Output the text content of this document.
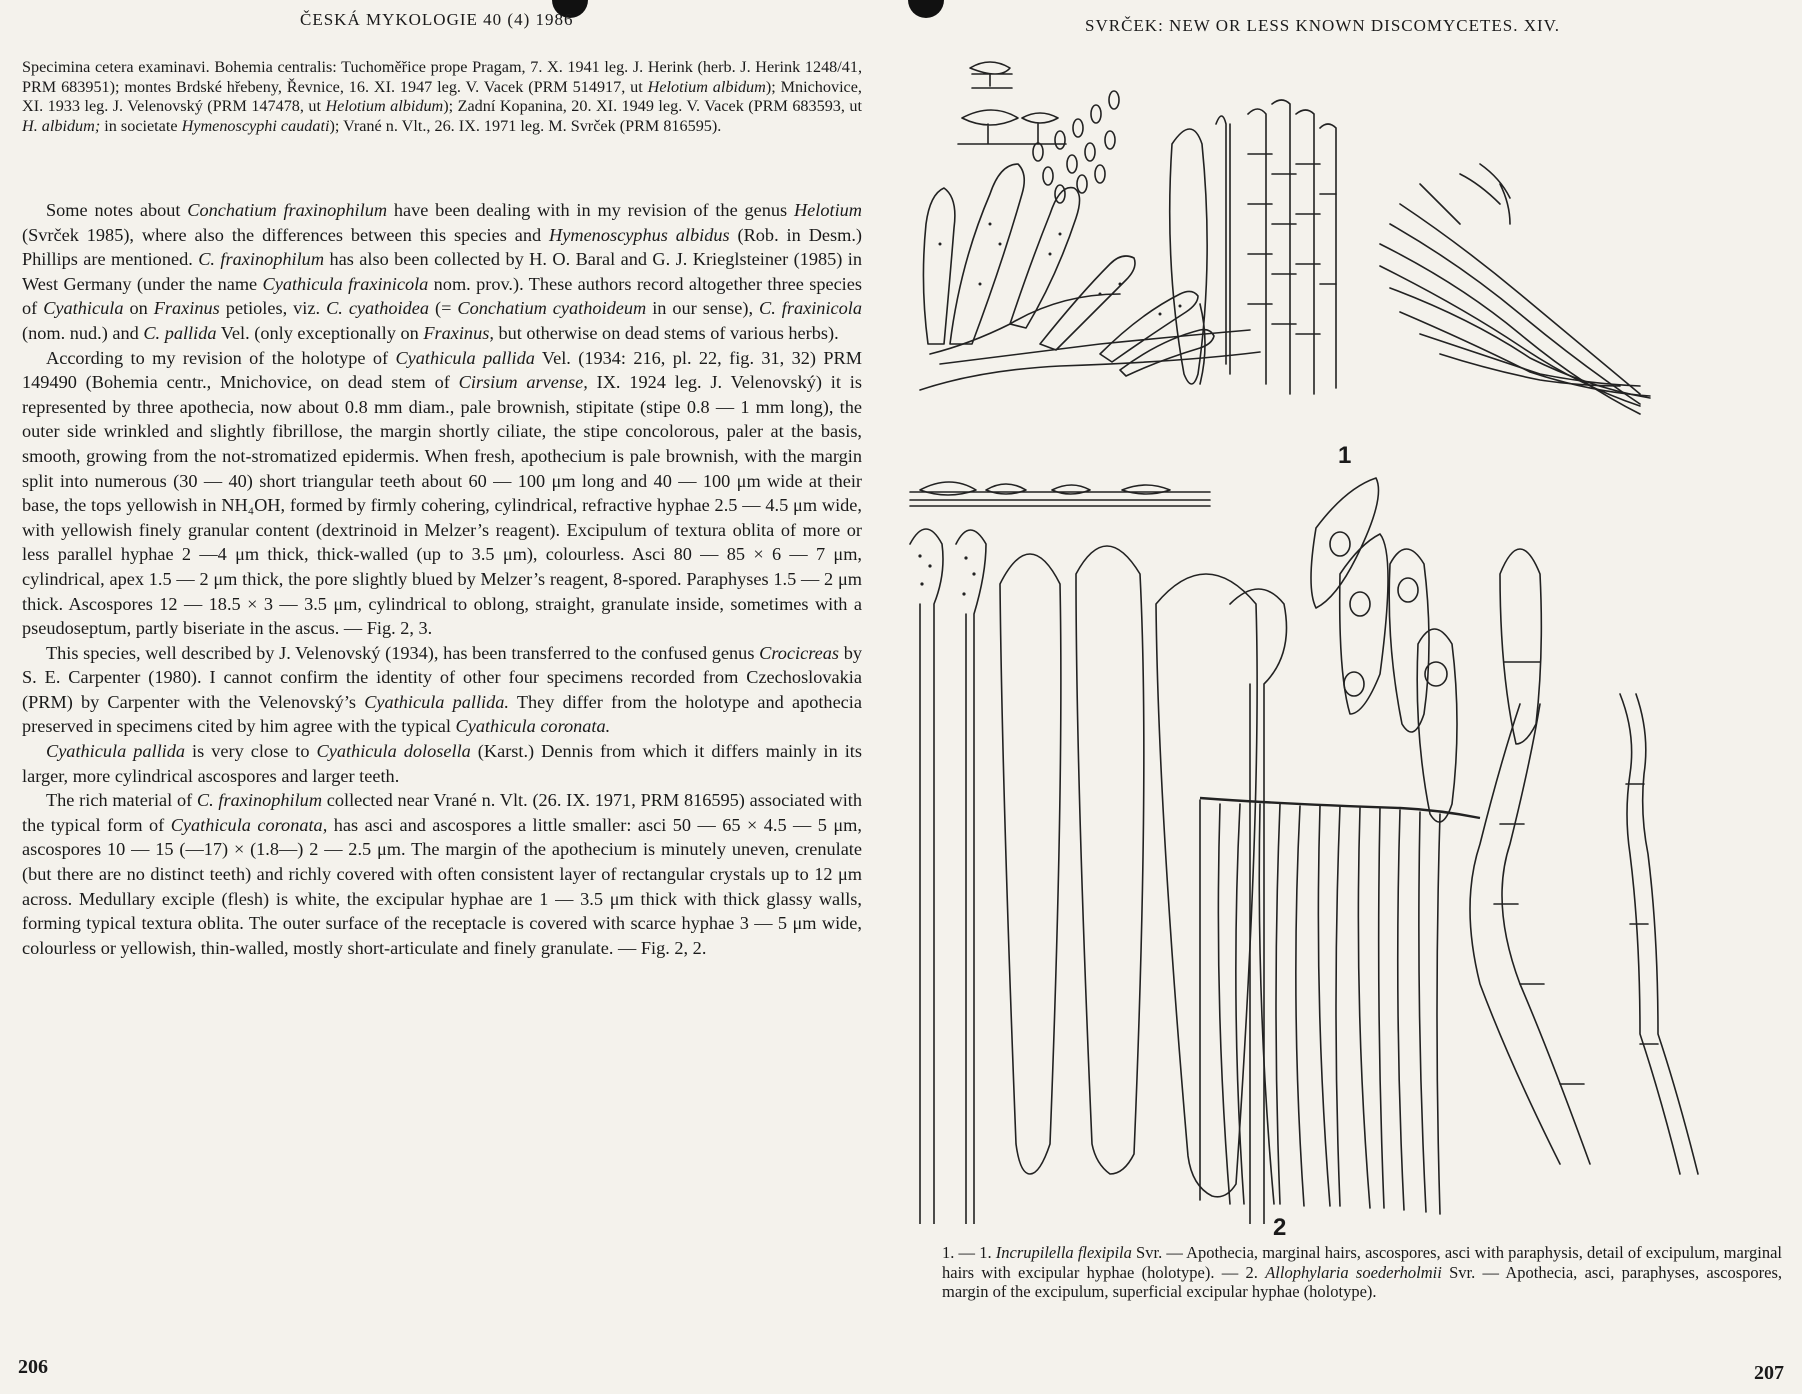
ČESKÁ MYKOLOGIE 40 (4) 1986
Specimina cetera examinavi. Bohemia centralis: Tuchoměřice prope Pragam, 7. X. 1941 leg. J. Herink (herb. J. Herink 1248/41, PRM 683951); montes Brdské hřebeny, Řevnice, 16. XI. 1947 leg. V. Vacek (PRM 514917, ut Helotium albidum); Mnichovice, XI. 1933 leg. J. Velenovský (PRM 147478, ut Helotium albidum); Zadní Kopanina, 20. XI. 1949 leg. V. Vacek (PRM 683593, ut H. albidum; in societate Hymenoscyphi caudati); Vrané n. Vlt., 26. IX. 1971 leg. M. Svrček (PRM 816595).

Some notes about Conchatium fraxinophilum have been dealing with in my revision of the genus Helotium (Svrček 1985), where also the differences between this species and Hymenoscyphus albidus (Rob. in Desm.) Phillips are mentioned. C. fraxinophilum has also been collected by H. O. Baral and G. J. Krieglsteiner (1985) in West Germany (under the name Cyathicula fraxinicola nom. prov.). These authors record altogether three species of Cyathicula on Fraxinus petioles, viz. C. cyathoidea (= Conchatium cyathoideum in our sense), C. fraxinicola (nom. nud.) and C. pallida Vel. (only exceptionally on Fraxinus, but otherwise on dead stems of various herbs).

According to my revision of the holotype of Cyathicula pallida Vel. (1934: 216, pl. 22, fig. 31, 32) PRM 149490 (Bohemia centr., Mnichovice, on dead stem of Cirsium arvense, IX. 1924 leg. J. Velenovský) it is represented by three apothecia, now about 0.8 mm diam., pale brownish, stipitate (stipe 0.8 — 1 mm long), the outer side wrinkled and slightly fibrillose, the margin shortly ciliate, the stipe concolorous, paler at the basis, smooth, growing from the not-stromatized epidermis. When fresh, apothecium is pale brownish, with the margin split into numerous (30 — 40) short triangular teeth about 60 — 100 μm long and 40 — 100 μm wide at their base, the tops yellowish in NH₄OH, formed by firmly cohering, cylindrical, refractive hyphae 2.5 — 4.5 μm wide, with yellowish finely granular content (dextrinoid in Melzer’s reagent). Excipulum of textura oblita of more or less parallel hyphae 2 —4 μm thick, thick-walled (up to 3.5 μm), colourless. Asci 80 — 85 × 6 — 7 μm, cylindrical, apex 1.5 — 2 μm thick, the pore slightly blued by Melzer’s reagent, 8-spored. Paraphyses 1.5 — 2 μm thick. Ascospores 12 — 18.5 × 3 — 3.5 μm, cylindrical to oblong, straight, granulate inside, sometimes with a pseudoseptum, partly biseriate in the ascus. — Fig. 2, 3.

This species, well described by J. Velenovský (1934), has been transferred to the confused genus Crocicreas by S. E. Carpenter (1980). I cannot confirm the identity of other four specimens recorded from Czechoslovakia (PRM) by Carpenter with the Velenovský’s Cyathicula pallida. They differ from the holotype and apothecia preserved in specimens cited by him agree with the typical Cyathicula coronata.

Cyathicula pallida is very close to Cyathicula dolosella (Karst.) Dennis from which it differs mainly in its larger, more cylindrical ascospores and larger teeth.

The rich material of C. fraxinophilum collected near Vrané n. Vlt. (26. IX. 1971, PRM 816595) associated with the typical form of Cyathicula coronata, has asci and ascospores a little smaller: asci 50 — 65 × 4.5 — 5 μm, ascospores 10 — 15 (—17) × (1.8—) 2 — 2.5 μm. The margin of the apothecium is minutely uneven, crenulate (but there are no distinct teeth) and richly covered with often consistent layer of rectangular crystals up to 12 μm across. Medullary exciple (flesh) is white, the excipular hyphae are 1 — 3.5 μm thick with thick glassy walls, forming typical textura oblita. The outer surface of the receptacle is covered with scarce hyphae 3 — 5 μm wide, colourless or yellowish, thin-walled, mostly short-articulate and finely granulate. — Fig. 2, 2.

206
SVRČEK: NEW OR LESS KNOWN DISCOMYCETES. XIV.
1
2
1. — 1. Incrupilella flexipila Svr. — Apothecia, marginal hairs, ascospores, asci with paraphysis, detail of excipulum, marginal hairs with excipular hyphae (holotype). — 2. Allophylaria soederholmii Svr. — Apothecia, asci, paraphyses, ascospores, margin of the excipulum, superficial excipular hyphae (holotype).
207
